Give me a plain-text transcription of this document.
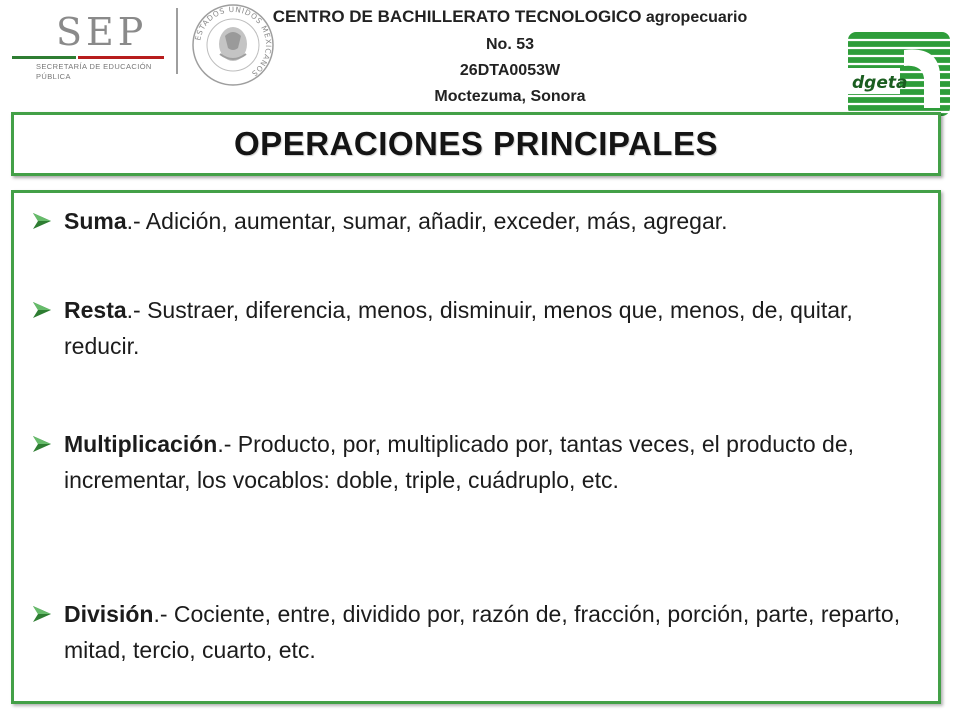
SEP
SECRETARÍA DE EDUCACIÓN PÚBLICA
ESTADOS UNIDOS MEXICANOS
CENTRO DE BACHILLERATO TECNOLOGICO agropecuario No. 53
26DTA0053W
Moctezuma, Sonora
dgeta
OPERACIONES PRINCIPALES
Suma.- Adición, aumentar, sumar, añadir, exceder, más, agregar.
Resta.- Sustraer, diferencia, menos, disminuir, menos que, menos, de, quitar, reducir.
Multiplicación.- Producto, por, multiplicado por, tantas veces, el producto de, incrementar, los vocablos: doble, triple, cuádruplo, etc.
División.- Cociente, entre, dividido por, razón de, fracción, porción, parte, reparto, mitad, tercio, cuarto, etc.
